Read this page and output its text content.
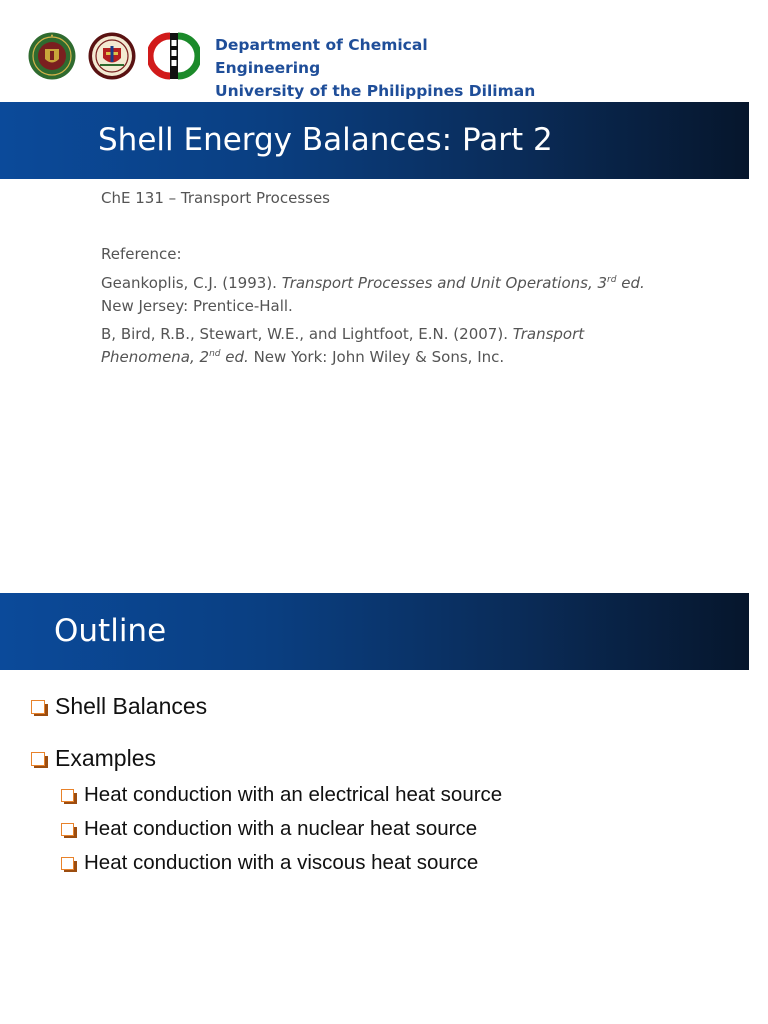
Department of Chemical
Engineering
University of the Philippines Diliman
Shell Energy Balances: Part 2
ChE 131 – Transport Processes
Reference:
Geankoplis, C.J. (1993). Transport Processes and Unit Operations, 3rd ed.
New Jersey: Prentice-Hall.
B, Bird, R.B., Stewart, W.E., and Lightfoot, E.N. (2007). Transport
Phenomena, 2nd ed. New York: John Wiley & Sons, Inc.
Outline
Shell Balances
Examples
Heat conduction with an electrical heat source
Heat conduction with a nuclear heat source
Heat conduction with a viscous heat source
